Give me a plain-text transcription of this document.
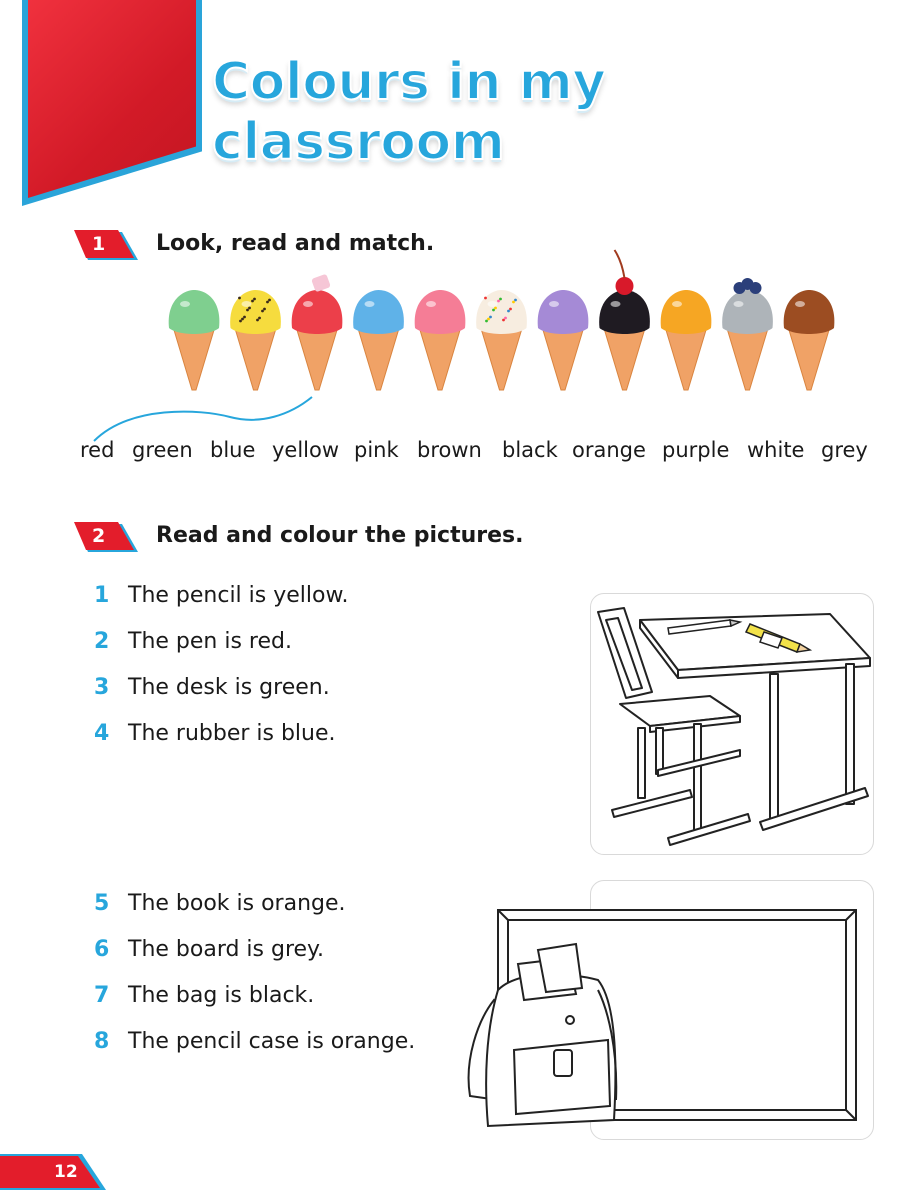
Colours in my classroom
1 Look, read and match.

red green blue yellow pink brown black orange purple white grey
2 Read and colour the pictures.

1 The pencil is yellow.
2 The pen is red.
3 The desk is green.
4 The rubber is blue.
5 The book is orange.
6 The board is grey.
7 The bag is black.
8 The pencil case is orange.
12
